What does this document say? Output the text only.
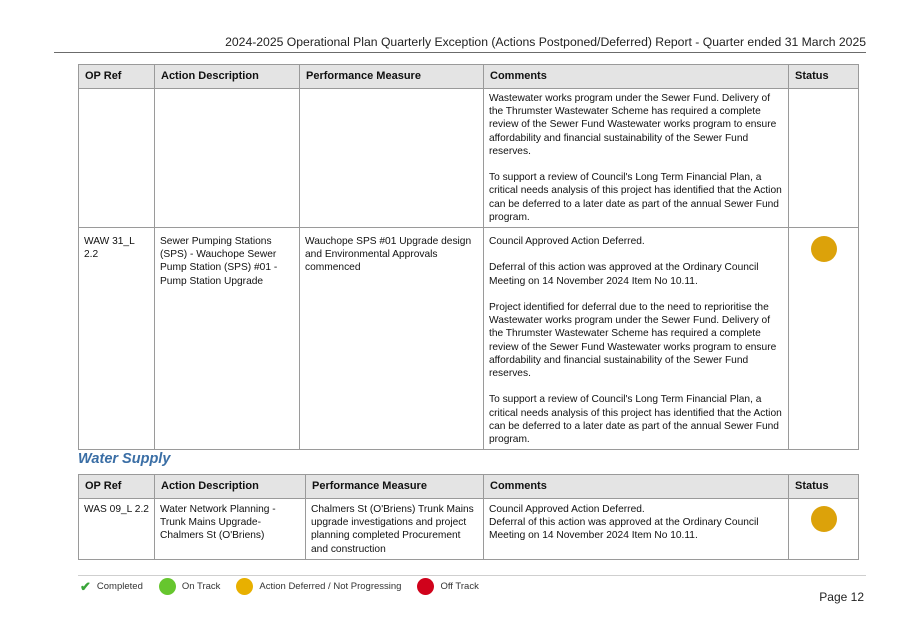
2024-2025 Operational Plan Quarterly Exception (Actions Postponed/Deferred) Report - Quarter ended 31 March 2025
OP Ref	Action Description	Performance Measure	Comments	Status

			Wastewater works program under the Sewer Fund. Delivery of the Thrumster Wastewater Scheme has required a complete review of the Sewer Fund Wastewater works program to ensure affordability and financial sustainability of the Sewer Fund reserves.

To support a review of Council's Long Term Financial Plan, a critical needs analysis of this project has identified that the Action can be deferred to a later date as part of the annual Sewer Fund program.	

WAW 31_L 2.2	Sewer Pumping Stations (SPS) - Wauchope Sewer Pump Station (SPS) #01 - Pump Station Upgrade	Wauchope SPS #01 Upgrade design and Environmental Approvals commenced	Council Approved Action Deferred.

Deferral of this action was approved at the Ordinary Council Meeting on 14 November 2024 Item No 10.11.

Project identified for deferral due to the need to reprioritise the Wastewater works program under the Sewer Fund. Delivery of the Thrumster Wastewater Scheme has required a complete review of the Sewer Fund Wastewater works program to ensure affordability and financial sustainability of the Sewer Fund reserves.

To support a review of Council's Long Term Financial Plan, a critical needs analysis of this project has identified that the Action can be deferred to a later date as part of the annual Sewer Fund program.	

Water Supply
OP Ref	Action Description	Performance Measure	Comments	Status
WAS 09_L 2.2	Water Network Planning - Trunk Mains Upgrade- Chalmers St (O'Briens)	Chalmers St (O'Briens) Trunk Mains upgrade investigations and project planning completed Procurement and construction	Council Approved Action Deferred.
Deferral of this action was approved at the Ordinary Council Meeting on 14 November 2024 Item No 10.11.	

✔ Completed	On Track	Action Deferred / Not Progressing	Off Track
Page 12
